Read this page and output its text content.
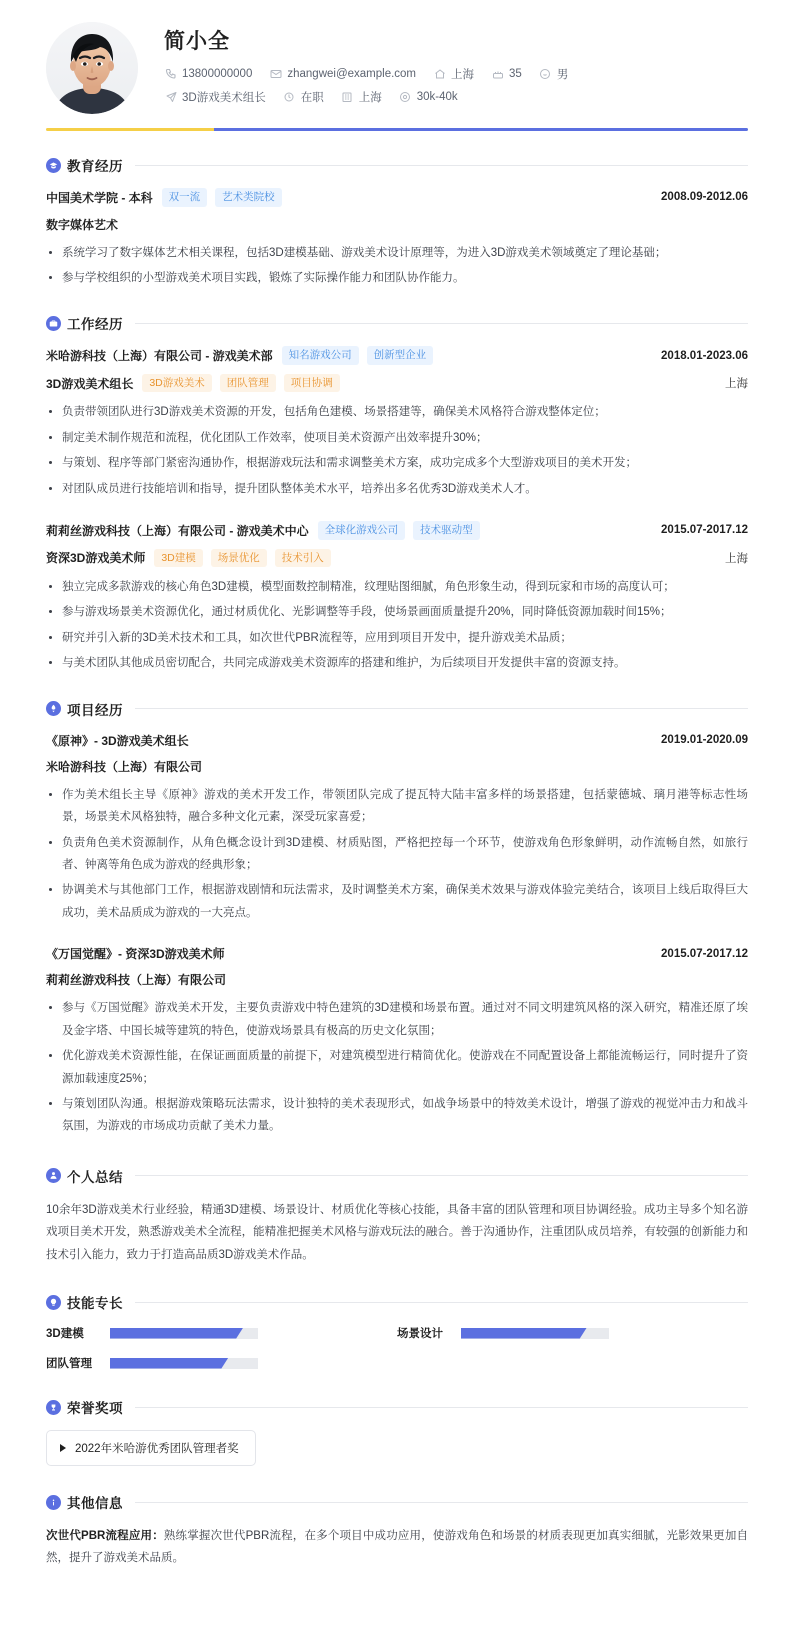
简小全
13800000000	zhangwei@example.com	上海	35	男
3D游戏美术组长	在职	上海	30k-40k
教育经历
中国美术学院 - 本科	双一流	艺术类院校	2008.09-2012.06
数字媒体艺术
系统学习了数字媒体艺术相关课程，包括3D建模基础、游戏美术设计原理等，为进入3D游戏美术领域奠定了理论基础；
参与学校组织的小型游戏美术项目实践，锻炼了实际操作能力和团队协作能力。
工作经历
米哈游科技（上海）有限公司 - 游戏美术部	知名游戏公司	创新型企业	2018.01-2023.06
3D游戏美术组长	3D游戏美术	团队管理	项目协调	上海
负责带领团队进行3D游戏美术资源的开发，包括角色建模、场景搭建等，确保美术风格符合游戏整体定位；
制定美术制作规范和流程，优化团队工作效率，使项目美术资源产出效率提升30%；
与策划、程序等部门紧密沟通协作，根据游戏玩法和需求调整美术方案，成功完成多个大型游戏项目的美术开发；
对团队成员进行技能培训和指导，提升团队整体美术水平，培养出多名优秀3D游戏美术人才。
莉莉丝游戏科技（上海）有限公司 - 游戏美术中心	全球化游戏公司	技术驱动型	2015.07-2017.12
资深3D游戏美术师	3D建模	场景优化	技术引入	上海
独立完成多款游戏的核心角色3D建模，模型面数控制精准，纹理贴图细腻，角色形象生动，得到玩家和市场的高度认可；
参与游戏场景美术资源优化，通过材质优化、光影调整等手段，使场景画面质量提升20%，同时降低资源加载时间15%；
研究并引入新的3D美术技术和工具，如次世代PBR流程等，应用到项目开发中，提升游戏美术品质；
与美术团队其他成员密切配合，共同完成游戏美术资源库的搭建和维护，为后续项目开发提供丰富的资源支持。
项目经历
《原神》- 3D游戏美术组长	2019.01-2020.09
米哈游科技（上海）有限公司
作为美术组长主导《原神》游戏的美术开发工作，带领团队完成了提瓦特大陆丰富多样的场景搭建，包括蒙德城、璃月港等标志性场景，场景美术风格独特，融合多种文化元素，深受玩家喜爱；
负责角色美术资源制作，从角色概念设计到3D建模、材质贴图，严格把控每一个环节，使游戏角色形象鲜明，动作流畅自然，如旅行者、钟离等角色成为游戏的经典形象；
协调美术与其他部门工作，根据游戏剧情和玩法需求，及时调整美术方案，确保美术效果与游戏体验完美结合，该项目上线后取得巨大成功，美术品质成为游戏的一大亮点。
《万国觉醒》- 资深3D游戏美术师	2015.07-2017.12
莉莉丝游戏科技（上海）有限公司
参与《万国觉醒》游戏美术开发，主要负责游戏中特色建筑的3D建模和场景布置。通过对不同文明建筑风格的深入研究，精准还原了埃及金字塔、中国长城等建筑的特色，使游戏场景具有极高的历史文化氛围；
优化游戏美术资源性能，在保证画面质量的前提下，对建筑模型进行精简优化。使游戏在不同配置设备上都能流畅运行，同时提升了资源加载速度25%；
与策划团队沟通。根据游戏策略玩法需求，设计独特的美术表现形式，如战争场景中的特效美术设计，增强了游戏的视觉冲击力和战斗氛围，为游戏的市场成功贡献了美术力量。
个人总结
10余年3D游戏美术行业经验，精通3D建模、场景设计、材质优化等核心技能，具备丰富的团队管理和项目协调经验。成功主导多个知名游戏项目美术开发，熟悉游戏美术全流程，能精准把握美术风格与游戏玩法的融合。善于沟通协作，注重团队成员培养，有较强的创新能力和技术引入能力，致力于打造高品质3D游戏美术作品。
技能专长
3D建模	场景设计
团队管理
荣誉奖项
2022年米哈游优秀团队管理者奖
其他信息
次世代PBR流程应用：熟练掌握次世代PBR流程，在多个项目中成功应用，使游戏角色和场景的材质表现更加真实细腻，光影效果更加自然，提升了游戏美术品质。
